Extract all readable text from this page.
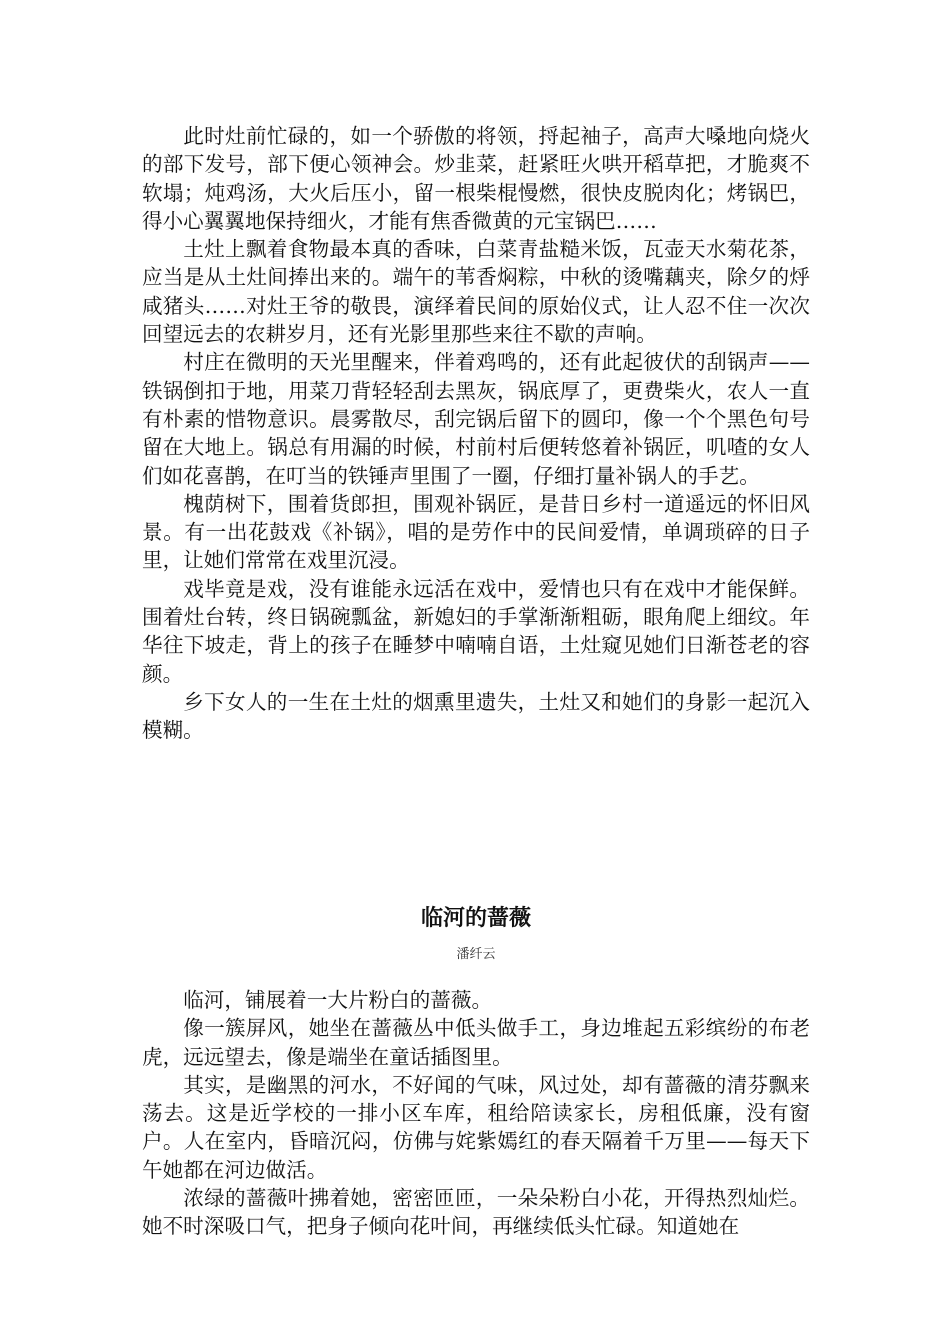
此时灶前忙碌的，如一个骄傲的将领，捋起袖子，高声大嗓地向烧火的部下发号，部下便心领神会。炒韭菜，赶紧旺火哄开稻草把，才脆爽不软塌；炖鸡汤，大火后压小，留一根柴棍慢燃，很快皮脱肉化；烤锅巴，得小心翼翼地保持细火，才能有焦香微黄的元宝锅巴……

土灶上飘着食物最本真的香味，白菜青盐糙米饭，瓦壶天水菊花茶，应当是从土灶间捧出来的。端午的苇香焖粽，中秋的烫嘴藕夹，除夕的烀咸猪头……对灶王爷的敬畏，演绎着民间的原始仪式，让人忍不住一次次回望远去的农耕岁月，还有光影里那些来往不歇的声响。

村庄在微明的天光里醒来，伴着鸡鸣的，还有此起彼伏的刮锅声——铁锅倒扣于地，用菜刀背轻轻刮去黑灰，锅底厚了，更费柴火，农人一直有朴素的惜物意识。晨雾散尽，刮完锅后留下的圆印，像一个个黑色句号留在大地上。锅总有用漏的时候，村前村后便转悠着补锅匠，叽喳的女人们如花喜鹊，在叮当的铁锤声里围了一圈，仔细打量补锅人的手艺。

槐荫树下，围着货郎担，围观补锅匠，是昔日乡村一道遥远的怀旧风景。有一出花鼓戏《补锅》，唱的是劳作中的民间爱情，单调琐碎的日子里，让她们常常在戏里沉浸。

戏毕竟是戏，没有谁能永远活在戏中，爱情也只有在戏中才能保鲜。围着灶台转，终日锅碗瓢盆，新媳妇的手掌渐渐粗砺，眼角爬上细纹。年华往下坡走，背上的孩子在睡梦中喃喃自语，土灶窥见她们日渐苍老的容颜。

乡下女人的一生在土灶的烟熏里遗失，土灶又和她们的身影一起沉入模糊。

临河的蔷薇
潘纤云

临河，铺展着一大片粉白的蔷薇。

像一簇屏风，她坐在蔷薇丛中低头做手工，身边堆起五彩缤纷的布老虎，远远望去，像是端坐在童话插图里。

其实，是幽黑的河水，不好闻的气味，风过处，却有蔷薇的清芬飘来荡去。这是近学校的一排小区车库，租给陪读家长，房租低廉，没有窗户。人在室内，昏暗沉闷，仿佛与姹紫嫣红的春天隔着千万里——每天下午她都在河边做活。

浓绿的蔷薇叶拂着她，密密匝匝，一朵朵粉白小花，开得热烈灿烂。她不时深吸口气，把身子倾向花叶间，再继续低头忙碌。知道她在
